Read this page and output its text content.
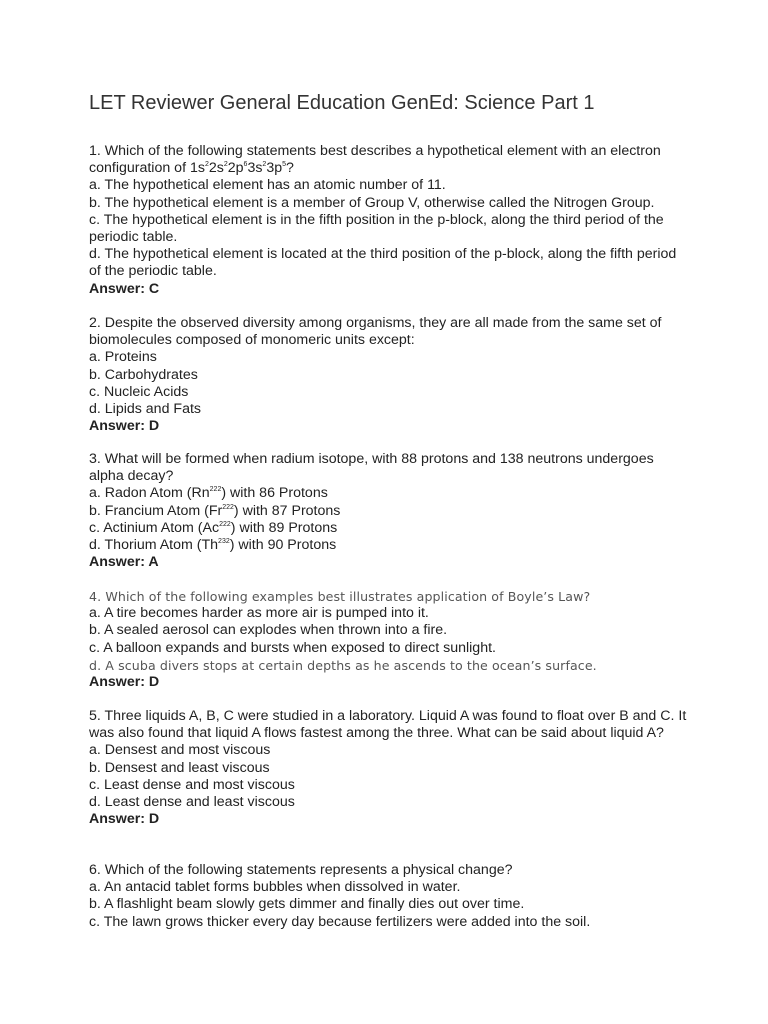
LET Reviewer General Education GenEd: Science Part 1

1. Which of the following statements best describes a hypothetical element with an electron configuration of $1s^22s^22p^63s^23p^5$?

a. The hypothetical element has an atomic number of 11.

b. The hypothetical element is a member of Group V, otherwise called the Nitrogen Group.

c. The hypothetical element is in the fifth position in the p-block, along the third period of the periodic table.

d. The hypothetical element is located at the third position of the p-block, along the fifth period of the periodic table.

Answer: C

2. Despite the observed diversity among organisms, they are all made from the same set of biomolecules composed of monomeric units except:

a. Proteins

b. Carbohydrates

c. Nucleic Acids

d. Lipids and Fats

Answer: D

3. What will be formed when radium isotope, with 88 protons and 138 neutrons undergoes alpha decay?

a. Radon Atom (Rn$^{222}$) with 86 Protons

b. Francium Atom (Fr$^{222}$) with 87 Protons

c. Actinium Atom (Ac$^{222}$) with 89 Protons

d. Thorium Atom (Th$^{232}$) with 90 Protons

Answer: A

4. Which of the following examples best illustrates application of Boyle’s Law?

a. A tire becomes harder as more air is pumped into it.

b. A sealed aerosol can explodes when thrown into a fire.

c. A balloon expands and bursts when exposed to direct sunlight.

d. A scuba divers stops at certain depths as he ascends to the ocean’s surface.

Answer: D

5. Three liquids A, B, C were studied in a laboratory. Liquid A was found to float over B and C. It was also found that liquid A flows fastest among the three. What can be said about liquid A?

a. Densest and most viscous

b. Densest and least viscous

c. Least dense and most viscous

d. Least dense and least viscous

Answer: D

6. Which of the following statements represents a physical change?

a. An antacid tablet forms bubbles when dissolved in water.

b. A flashlight beam slowly gets dimmer and finally dies out over time.

c. The lawn grows thicker every day because fertilizers were added into the soil.
